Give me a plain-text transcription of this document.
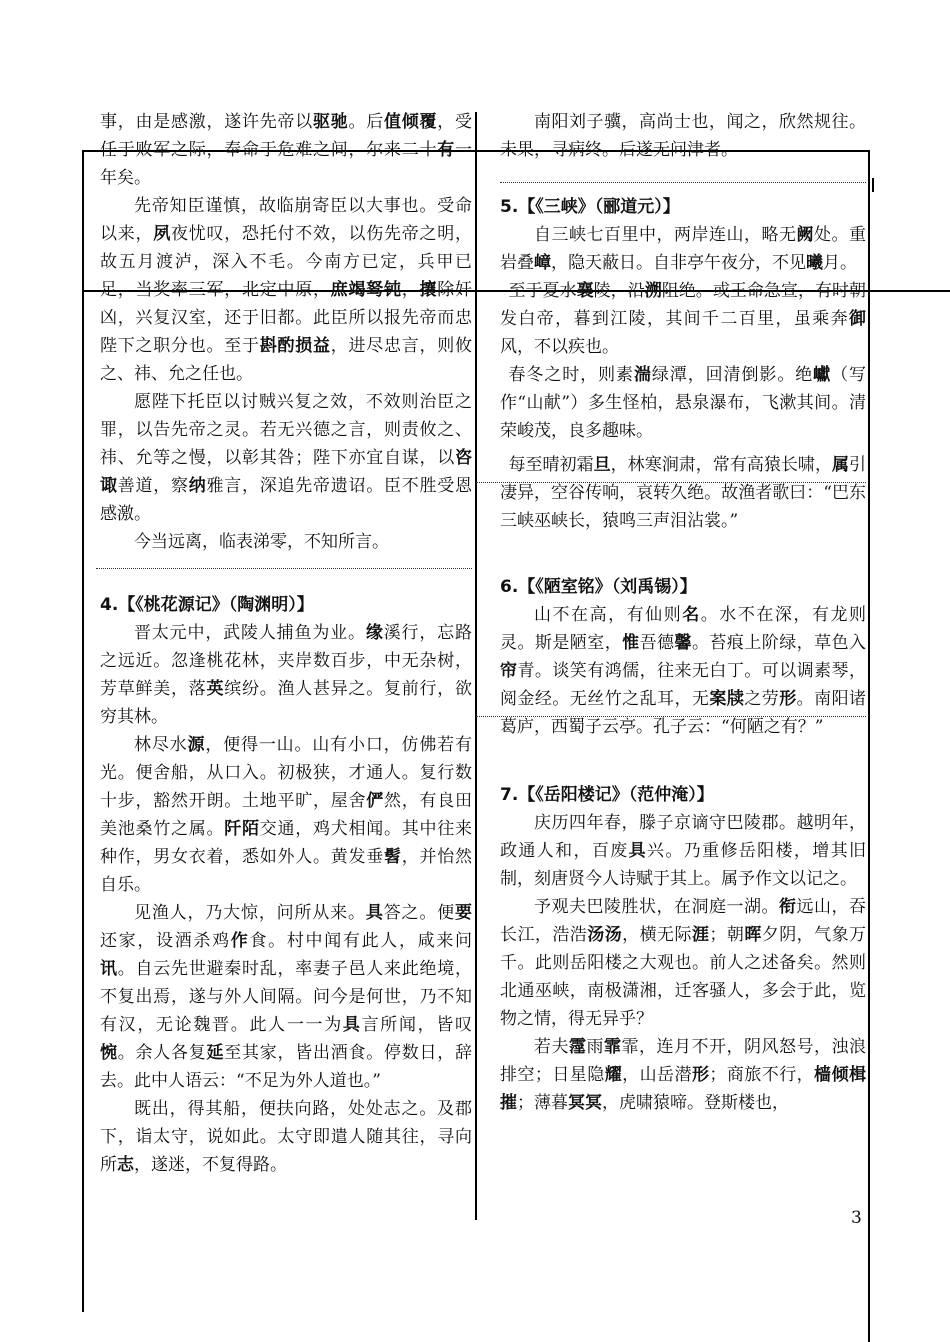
事，由是感激，遂许先帝以驱驰。后值倾覆，受任于败军之际，奉命于危难之间，尔来二十有一年矣。

先帝知臣谨慎，故临崩寄臣以大事也。受命以来，夙夜忧叹，恐托付不效，以伤先帝之明，故五月渡泸，深入不毛。今南方已定，兵甲已足，当奖率三军，北定中原，庶竭驽钝，攘除奸凶，兴复汉室，还于旧都。此臣所以报先帝而忠陛下之职分也。至于斟酌损益，进尽忠言，则攸之、祎、允之任也。

愿陛下托臣以讨贼兴复之效，不效则治臣之罪，以告先帝之灵。若无兴德之言，则责攸之、祎、允等之慢，以彰其咎；陛下亦宜自谋，以咨诹善道，察纳雅言，深追先帝遗诏。臣不胜受恩感激。

今当远离，临表涕零，不知所言。

4.【《桃花源记》（陶渊明）】

晋太元中，武陵人捕鱼为业。缘溪行，忘路之远近。忽逢桃花林，夹岸数百步，中无杂树，芳草鲜美，落英缤纷。渔人甚异之。复前行，欲穷其林。

林尽水源，便得一山。山有小口，仿佛若有光。便舍船，从口入。初极狭，才通人。复行数十步，豁然开朗。土地平旷，屋舍俨然，有良田美池桑竹之属。阡陌交通，鸡犬相闻。其中往来种作，男女衣着，悉如外人。黄发垂髫，并怡然自乐。

见渔人，乃大惊，问所从来。具答之。便要还家，设酒杀鸡作食。村中闻有此人，咸来问讯。自云先世避秦时乱，率妻子邑人来此绝境，不复出焉，遂与外人间隔。问今是何世，乃不知有汉，无论魏晋。此人一一为具言所闻，皆叹惋。余人各复延至其家，皆出酒食。停数日，辞去。此中人语云：“不足为外人道也。”

既出，得其船，便扶向路，处处志之。及郡下，诣太守，说如此。太守即遣人随其往，寻向所志，遂迷，不复得路。

南阳刘子骥，高尚士也，闻之，欣然规往。未果，寻病终。后遂无问津者。

5.【《三峡》（郦道元）】

自三峡七百里中，两岸连山，略无阙处。重岩叠嶂，隐天蔽日。自非亭午夜分，不见曦月。

至于夏水襄陵，沿溯阻绝。或王命急宣，有时朝发白帝，暮到江陵，其间千二百里，虽乘奔御风，不以疾也。

春冬之时，则素湍绿潭，回清倒影。绝巘（写作“山献”）多生怪柏，悬泉瀑布，飞漱其间。清荣峻茂，良多趣味。

每至晴初霜旦，林寒涧肃，常有高猿长啸，属引凄异，空谷传响，哀转久绝。故渔者歌曰：“巴东三峡巫峡长，猿鸣三声泪沾裳。”

6.【《陋室铭》（刘禹锡）】

山不在高，有仙则名。水不在深，有龙则灵。斯是陋室，惟吾德馨。苔痕上阶绿，草色入帘青。谈笑有鸿儒，往来无白丁。可以调素琴，阅金经。无丝竹之乱耳，无案牍之劳形。南阳诸葛庐，西蜀子云亭。孔子云：“何陋之有？”

7.【《岳阳楼记》（范仲淹）】

庆历四年春，滕子京谪守巴陵郡。越明年，政通人和，百废具兴。乃重修岳阳楼，增其旧制，刻唐贤今人诗赋于其上。属予作文以记之。

予观夫巴陵胜状，在洞庭一湖。衔远山，吞长江，浩浩汤汤，横无际涯；朝晖夕阴，气象万千。此则岳阳楼之大观也。前人之述备矣。然则北通巫峡，南极潇湘，迁客骚人，多会于此，览物之情，得无异乎？

若夫霪雨霏霏，连月不开，阴风怒号，浊浪排空；日星隐耀，山岳潜形；商旅不行，樯倾楫摧；薄暮冥冥，虎啸猿啼。登斯楼也，

3
